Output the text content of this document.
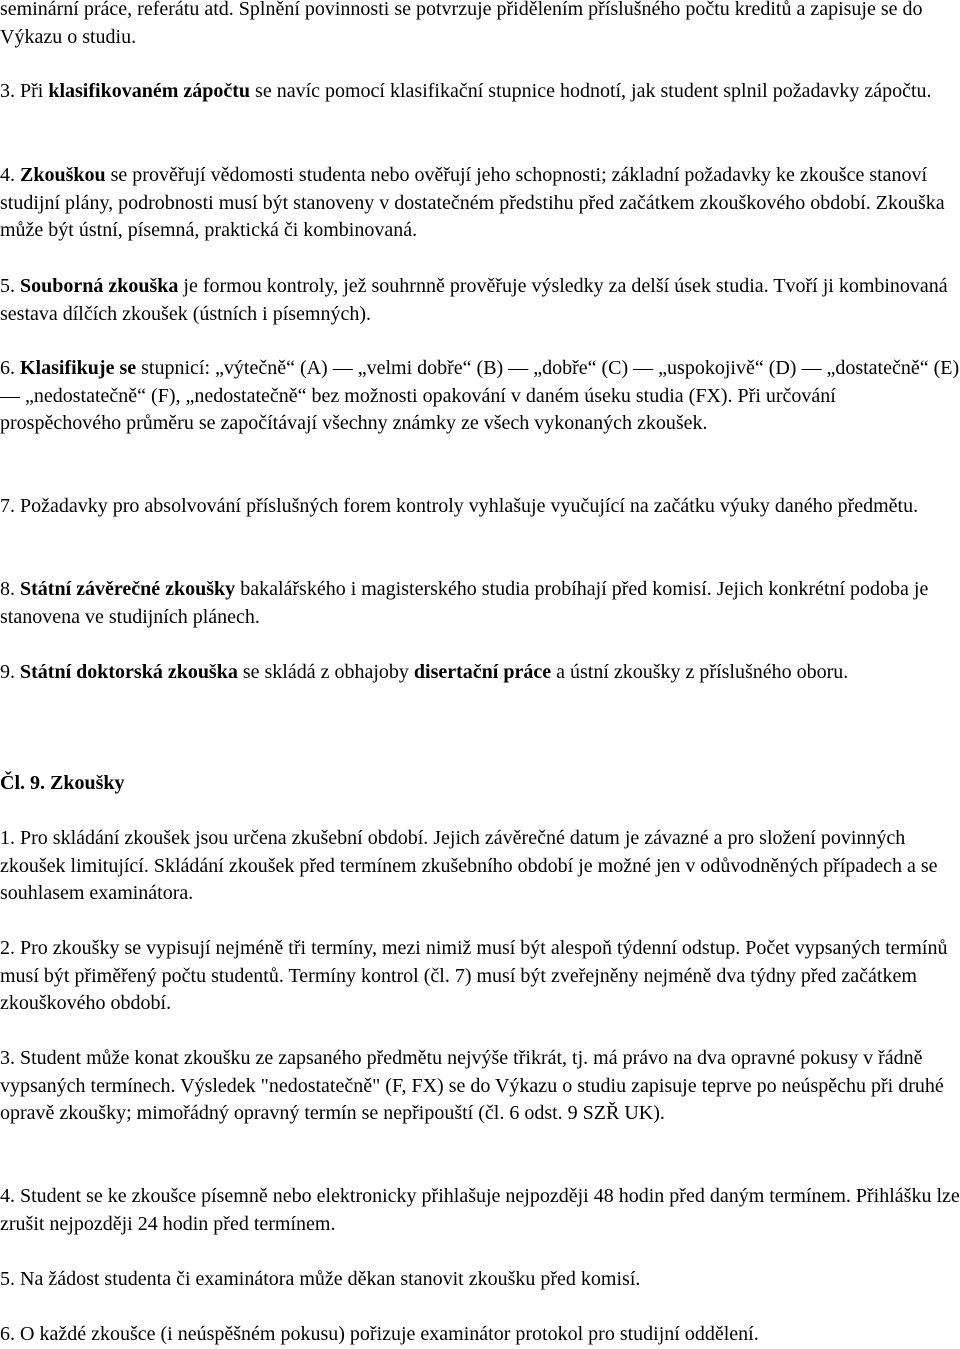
seminární práce, referátu atd. Splnění povinnosti se potvrzuje přidělením příslušného počtu kreditů a zapisuje se do Výkazu o studiu.

3. Při klasifikovaném zápočtu se navíc pomocí klasifikační stupnice hodnotí, jak student splnil požadavky zápočtu.

4. Zkouškou se prověřují vědomosti studenta nebo ověřují jeho schopnosti; základní požadavky ke zkoušce stanoví studijní plány, podrobnosti musí být stanoveny v dostatečném předstihu před začátkem zkouškového období. Zkouška může být ústní, písemná, praktická či kombinovaná.

5. Souborná zkouška je formou kontroly, jež souhrnně prověřuje výsledky za delší úsek studia. Tvoří ji kombinovaná sestava dílčích zkoušek (ústních i písemných).

6. Klasifikuje se stupnicí: „výtečně“ (A) — „velmi dobře“ (B) — „dobře“ (C) — „uspokojivě“ (D) — „dostatečně“ (E) — „nedostatečně“ (F), „nedostatečně“ bez možnosti opakování v daném úseku studia (FX). Při určování prospěchového průměru se započítávají všechny známky ze všech vykonaných zkoušek.

7. Požadavky pro absolvování příslušných forem kontroly vyhlašuje vyučující na začátku výuky daného předmětu.

8. Státní závěrečné zkoušky bakalářského i magisterského studia probíhají před komisí. Jejich konkrétní podoba je stanovena ve studijních plánech.

9. Státní doktorská zkouška se skládá z obhajoby disertační práce a ústní zkoušky z příslušného oboru.

Čl. 9. Zkoušky

1. Pro skládání zkoušek jsou určena zkušební období. Jejich závěrečné datum je závazné a pro složení povinných zkoušek limitující. Skládání zkoušek před termínem zkušebního období je možné jen v odůvodněných případech a se souhlasem examinátora.

2. Pro zkoušky se vypisují nejméně tři termíny, mezi nimiž musí být alespoň týdenní odstup. Počet vypsaných termínů musí být přiměřený počtu studentů. Termíny kontrol (čl. 7) musí být zveřejněny nejméně dva týdny před začátkem zkouškového období.

3. Student může konat zkoušku ze zapsaného předmětu nejvýše třikrát, tj. má právo na dva opravné pokusy v řádně vypsaných termínech. Výsledek "nedostatečně" (F, FX) se do Výkazu o studiu zapisuje teprve po neúspěchu při druhé opravě zkoušky; mimořádný opravný termín se nepřipouští (čl. 6 odst. 9 SZŘ UK).

4. Student se ke zkoušce písemně nebo elektronicky přihlašuje nejpozději 48 hodin před daným termínem. Přihlášku lze zrušit nejpozději 24 hodin před termínem.

5. Na žádost studenta či examinátora může děkan stanovit zkoušku před komisí.

6. O každé zkoušce (i neúspěšném pokusu) pořizuje examinátor protokol pro studijní oddělení.
